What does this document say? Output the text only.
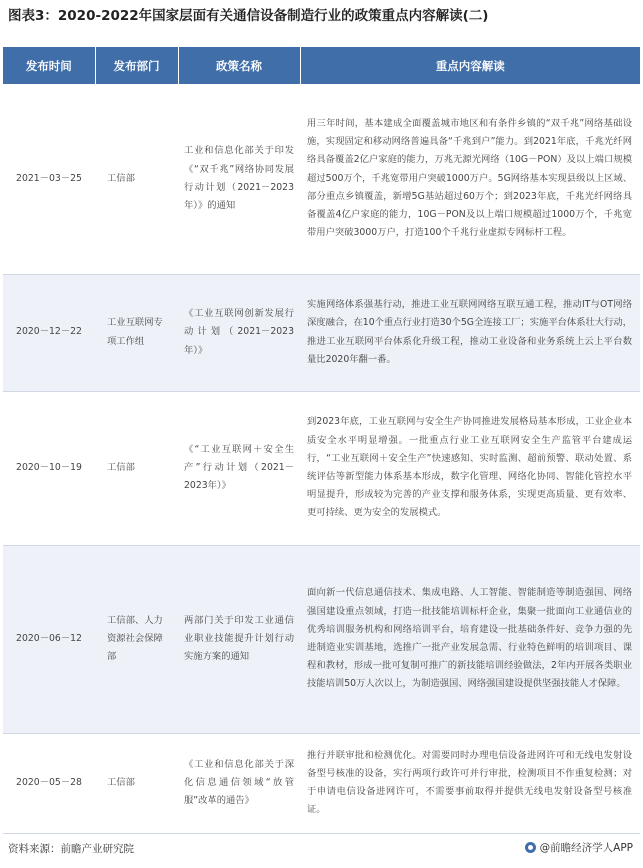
图表3：2020-2022年国家层面有关通信设备制造行业的政策重点内容解读(二)
发布时间	发布部门	政策名称	重点内容解读
2021－03－25	工信部	工业和信息化部关于印发《“双千兆”网络协同发展行动计划（2021－2023年）》的通知	用三年时间，基本建成全面覆盖城市地区和有条件乡镇的“双千兆”网络基础设施，实现固定和移动网络普遍具备“千兆到户”能力。到2021年底，千兆光纤网络具备覆盖2亿户家庭的能力，万兆无源光网络（10G－PON）及以上端口规模超过500万个，千兆宽带用户突破1000万户。5G网络基本实现县级以上区域、部分重点乡镇覆盖，新增5G基站超过60万个；到2023年底，千兆光纤网络具备覆盖4亿户家庭的能力，10G－PON及以上端口规模超过1000万个，千兆宽带用户突破3000万户，打造100个千兆行业虚拟专网标杆工程。
2020－12－22	工业互联网专项工作组	《工业互联网创新发展行动计划（2021－2023年）》	实施网络体系强基行动，推进工业互联网网络互联互通工程，推动IT与OT网络深度融合，在10个重点行业打造30个5G全连接工厂；实施平台体系壮大行动，推进工业互联网平台体系化升级工程，推动工业设备和业务系统上云上平台数量比2020年翻一番。
2020－10－19	工信部	《“工业互联网＋安全生产”行动计划（2021－2023年）》	到2023年底，工业互联网与安全生产协同推进发展格局基本形成，工业企业本质安全水平明显增强。一批重点行业工业互联网安全生产监管平台建成运行，“工业互联网＋安全生产”快速感知、实时监测、超前预警、联动处置、系统评估等新型能力体系基本形成，数字化管理、网络化协同、智能化管控水平明显提升，形成较为完善的产业支撑和服务体系，实现更高质量、更有效率、更可持续、更为安全的发展模式。
2020－06－12	工信部、人力资源社会保障部	两部门关于印发工业通信业职业技能提升计划行动实施方案的通知	面向新一代信息通信技术、集成电路、人工智能、智能制造等制造强国、网络强国建设重点领域，打造一批技能培训标杆企业，集聚一批面向工业通信业的优秀培训服务机构和网络培训平台，培育建设一批基础条件好、竞争力强的先进制造业实训基地，选推广一批产业发展急需、行业特色鲜明的培训项目、课程和教材，形成一批可复制可推广的新技能培训经验做法，2年内开展各类职业技能培训50万人次以上，为制造强国、网络强国建设提供坚强技能人才保障。
2020－05－28	工信部	《工业和信息化部关于深化信息通信领域“放管服”改革的通告》	推行并联审批和检测优化。对需要同时办理电信设备进网许可和无线电发射设备型号核准的设备，实行两项行政许可并行审批，检测项目不作重复检测；对于申请电信设备进网许可，不需要事前取得并提供无线电发射设备型号核准证。
资料来源：前瞻产业研究院	@前瞻经济学人APP
